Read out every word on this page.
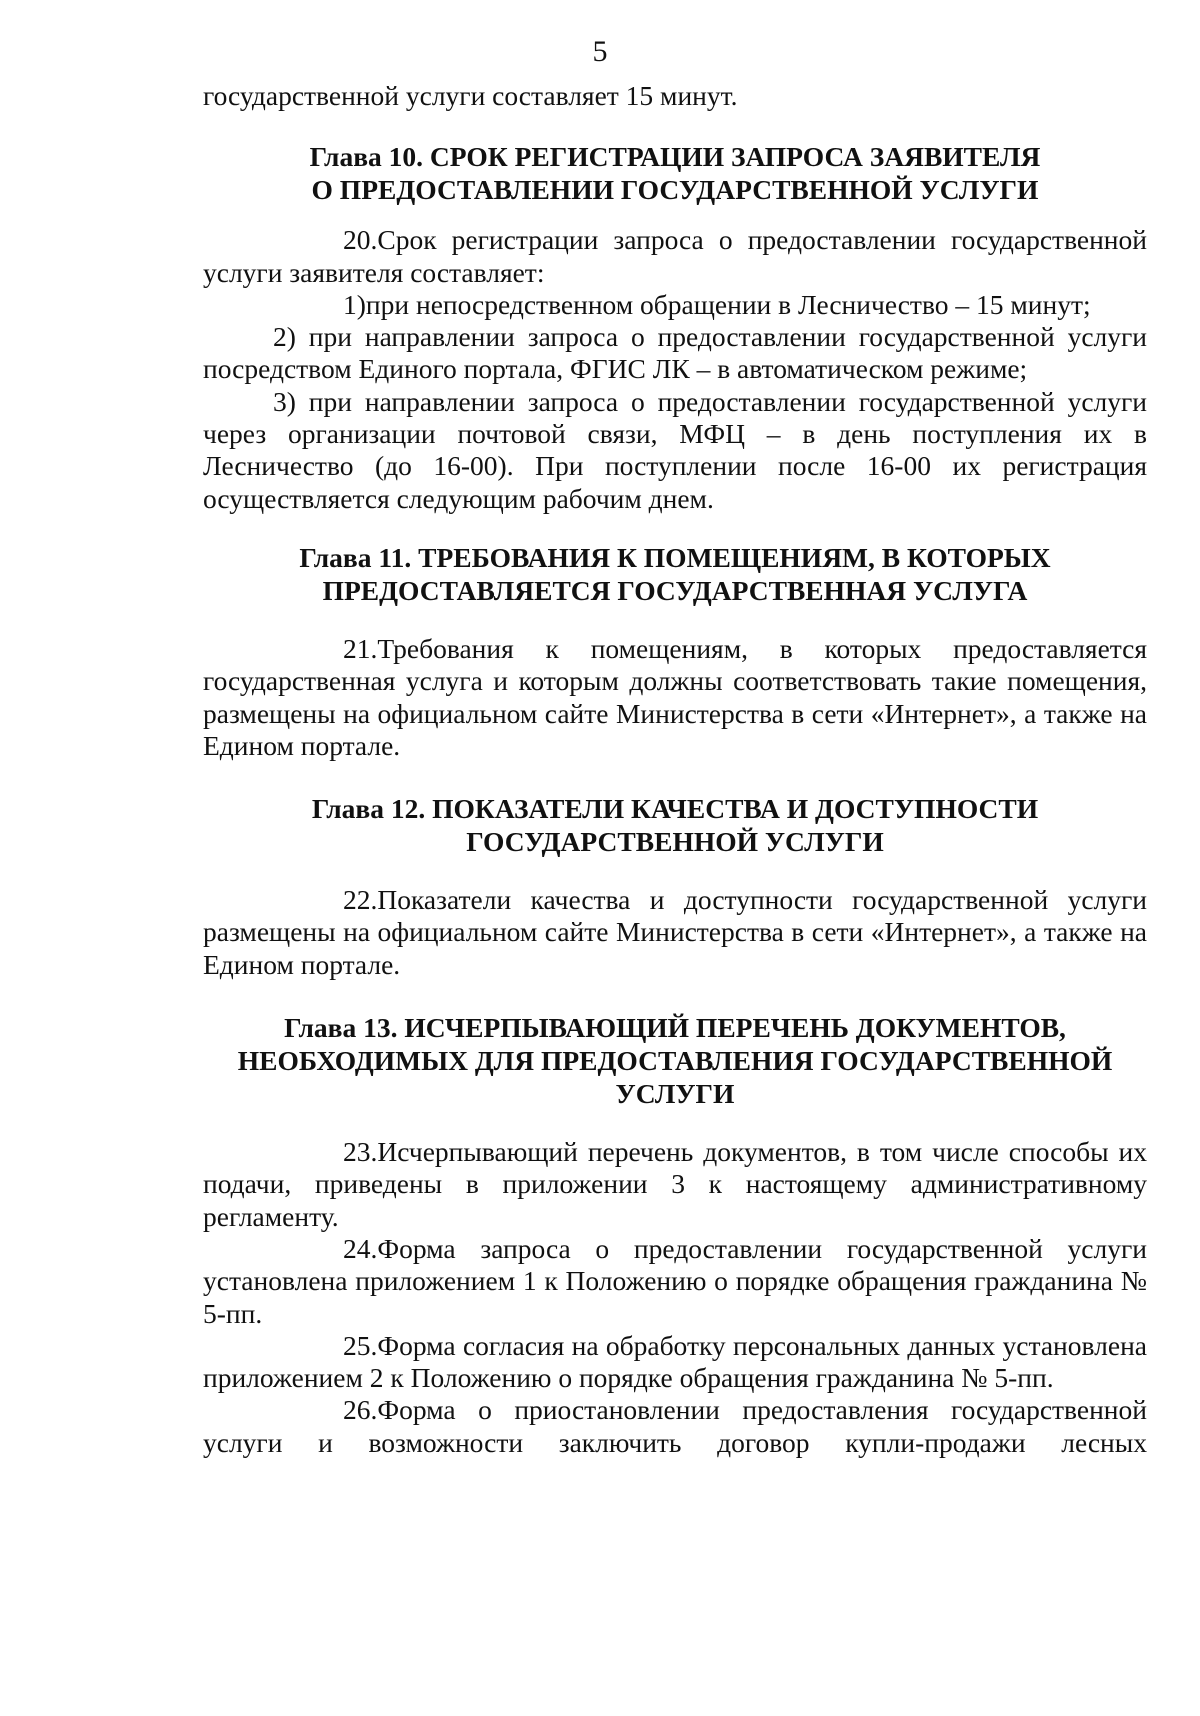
5

государственной услуги составляет 15 минут.

Глава 10. СРОК РЕГИСТРАЦИИ ЗАПРОСА ЗАЯВИТЕЛЯ
О ПРЕДОСТАВЛЕНИИ ГОСУДАРСТВЕННОЙ УСЛУГИ

20.Срок регистрации запроса о предоставлении государственной услуги заявителя составляет:

1)при непосредственном обращении в Лесничество – 15 минут;

2) при направлении запроса о предоставлении государственной услуги посредством Единого портала, ФГИС ЛК – в автоматическом режиме;

3) при направлении запроса о предоставлении государственной услуги через организации почтовой связи, МФЦ – в день поступления их в Лесничество (до 16-00). При поступлении после 16-00 их регистрация осуществляется следующим рабочим днем.

Глава 11. ТРЕБОВАНИЯ К ПОМЕЩЕНИЯМ, В КОТОРЫХ
ПРЕДОСТАВЛЯЕТСЯ ГОСУДАРСТВЕННАЯ УСЛУГА

21.Требования к помещениям, в которых предоставляется государственная услуга и которым должны соответствовать такие помещения, размещены на официальном сайте Министерства в сети «Интернет», а также на Едином портале.

Глава 12. ПОКАЗАТЕЛИ КАЧЕСТВА И ДОСТУПНОСТИ
ГОСУДАРСТВЕННОЙ УСЛУГИ

22.Показатели качества и доступности государственной услуги размещены на официальном сайте Министерства в сети «Интернет», а также на Едином портале.

Глава 13. ИСЧЕРПЫВАЮЩИЙ ПЕРЕЧЕНЬ ДОКУМЕНТОВ,
НЕОБХОДИМЫХ ДЛЯ ПРЕДОСТАВЛЕНИЯ ГОСУДАРСТВЕННОЙ
УСЛУГИ

23.Исчерпывающий перечень документов, в том числе способы их подачи, приведены в приложении 3 к настоящему административному регламенту.

24.Форма запроса о предоставлении государственной услуги установлена приложением 1 к Положению о порядке обращения гражданина № 5-пп.

25.Форма согласия на обработку персональных данных установлена приложением 2 к Положению о порядке обращения гражданина № 5-пп.

26.Форма о приостановлении предоставления государственной услуги и возможности заключить договор купли-продажи лесных
